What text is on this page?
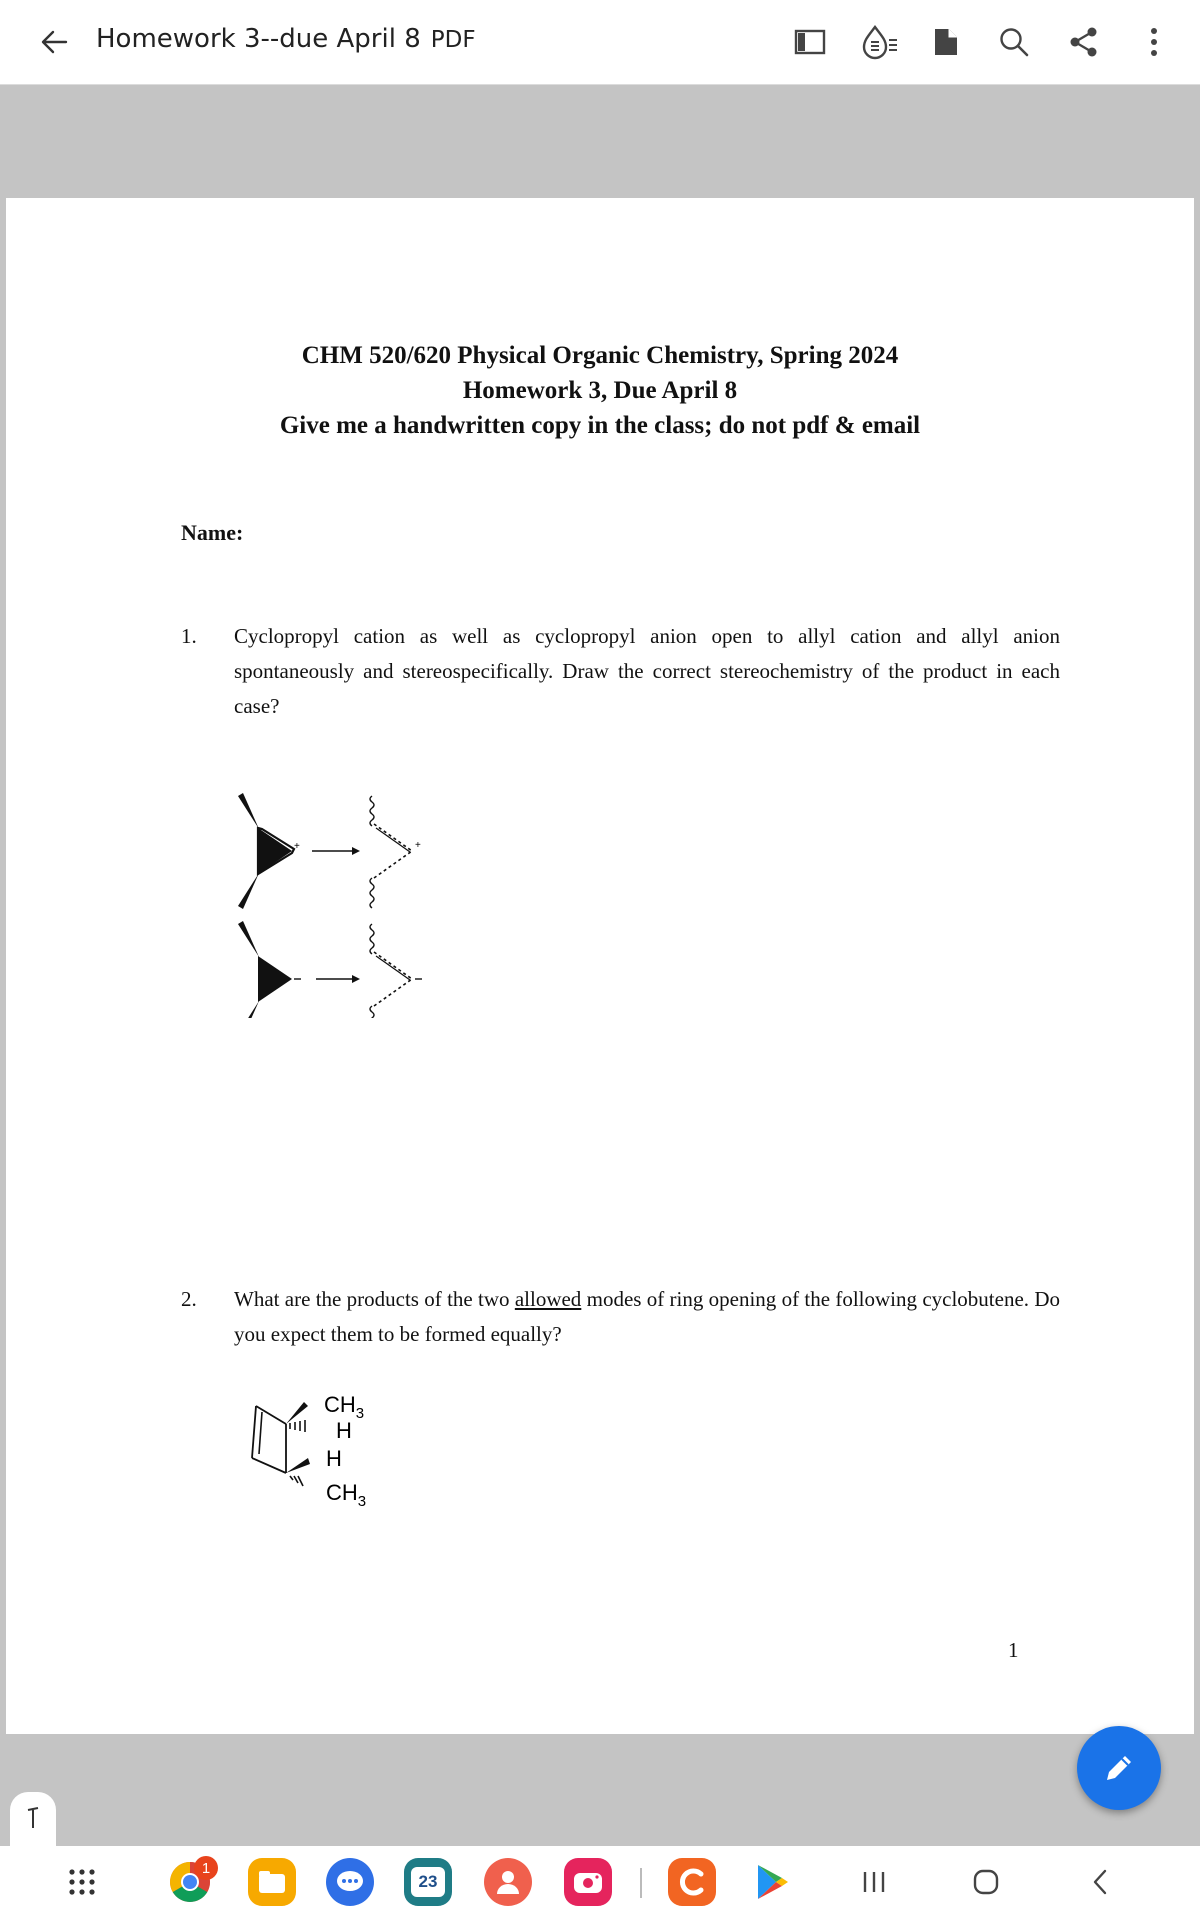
Homework 3--due April 8 PDF
CHM 520/620 Physical Organic Chemistry, Spring 2024
Homework 3, Due April 8
Give me a handwritten copy in the class; do not pdf & email
Name:
1. Cyclopropyl cation as well as cyclopropyl anion open to allyl cation and allyl anion spontaneously and stereospecifically. Draw the correct stereochemistry of the product in each case?
+	+
2. What are the products of the two allowed modes of ring opening of the following cyclobutene. Do you expect them to be formed equally?
$CH_3$
H
H
$CH_3$
1
1
23
